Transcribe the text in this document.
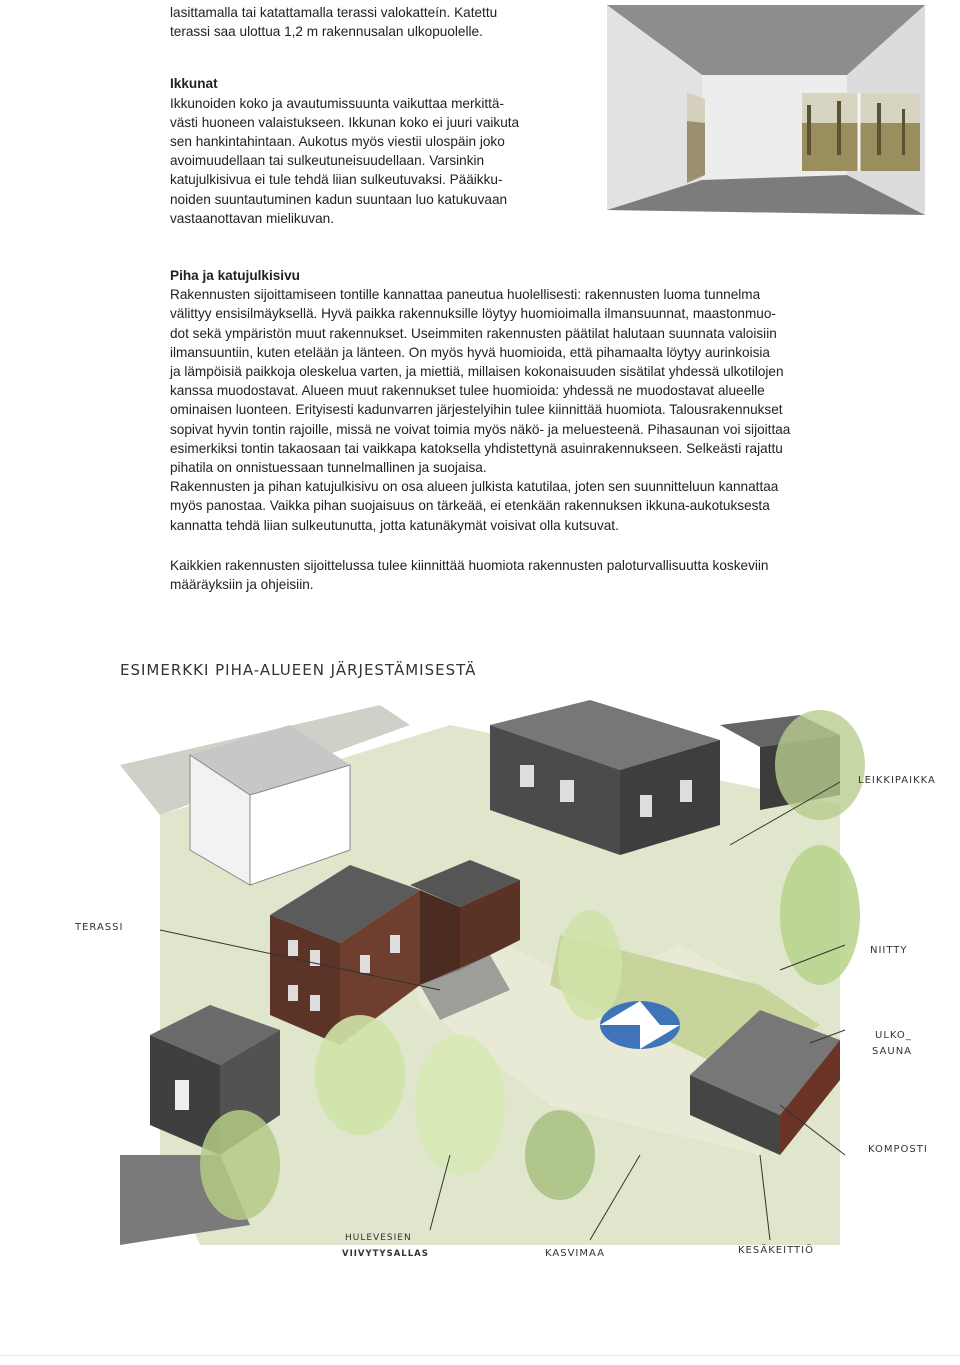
lasittamalla tai katattamalla terassi valokatteín. Katettu

terassi saa ulottua 1,2 m rakennusalan ulkopuolelle.

Ikkunat

Ikkunoiden koko ja avautumissuunta vaikuttaa merkittä-

västi huoneen valaistukseen. Ikkunan koko ei juuri vaikuta

sen hankintahintaan. Aukotus myös viestii ulospäin joko

avoimuudellaan tai sulkeutuneisuudellaan. Varsinkin

katujulkisivua ei tule tehdä liian sulkeutuvaksi. Pääikku-

noiden suuntautuminen kadun suuntaan luo katukuvaan

vastaanottavan mielikuvan.

Piha ja katujulkisivu

Rakennusten sijoittamiseen tontille kannattaa paneutua huolellisesti: rakennusten luoma tunnelma

välittyy ensisilmäyksellä. Hyvä paikka rakennuksille löytyy huomioimalla ilmansuunnat, maastonmuo-

dot sekä ympäristön muut rakennukset. Useimmiten rakennusten päätilat halutaan suunnata valoisiin

ilmansuuntiin, kuten etelään ja länteen. On myös hyvä huomioida, että pihamaalta löytyy aurinkoisia

ja lämpöisiä paikkoja oleskelua varten, ja miettiä, millaisen kokonaisuuden sisätilat yhdessä ulkotilojen

kanssa muodostavat. Alueen muut rakennukset tulee huomioida: yhdessä ne muodostavat alueelle

ominaisen luonteen. Erityisesti kadunvarren järjestelyihin tulee kiinnittää huomiota. Talousrakennukset

sopivat hyvin tontin rajoille, missä ne voivat toimia myös näkö- ja meluesteenä. Pihasaunan voi sijoittaa

esimerkiksi tontin takaosaan tai vaikkapa katoksella yhdistettynä asuinrakennukseen. Selkeästi rajattu

pihatila on onnistuessaan tunnelmallinen ja suojaisa.

Rakennusten ja pihan katujulkisivu on osa alueen julkista katutilaa, joten sen suunnitteluun kannattaa

myös panostaa. Vaikka pihan suojaisuus on tärkeää, ei etenkään rakennuksen ikkuna-aukotuksesta

kannatta tehdä liian sulkeutunutta, jotta katunäkymät voisivat olla kutsuvat.

Kaikkien rakennusten sijoittelussa tulee kiinnittää huomiota rakennusten paloturvallisuutta koskeviin

määräyksiin ja ohjeisiin.

ESIMERKKI PIHA-ALUEEN JÄRJESTÄMISESTÄ
LEIKKIPAIKKA
TERASSI
NIITTY
ULKO_
SAUNA
KOMPOSTI
HULEVESIEN
VIIVYTYSALLAS	KASVIMAA	KESÄKEITTIÖ
